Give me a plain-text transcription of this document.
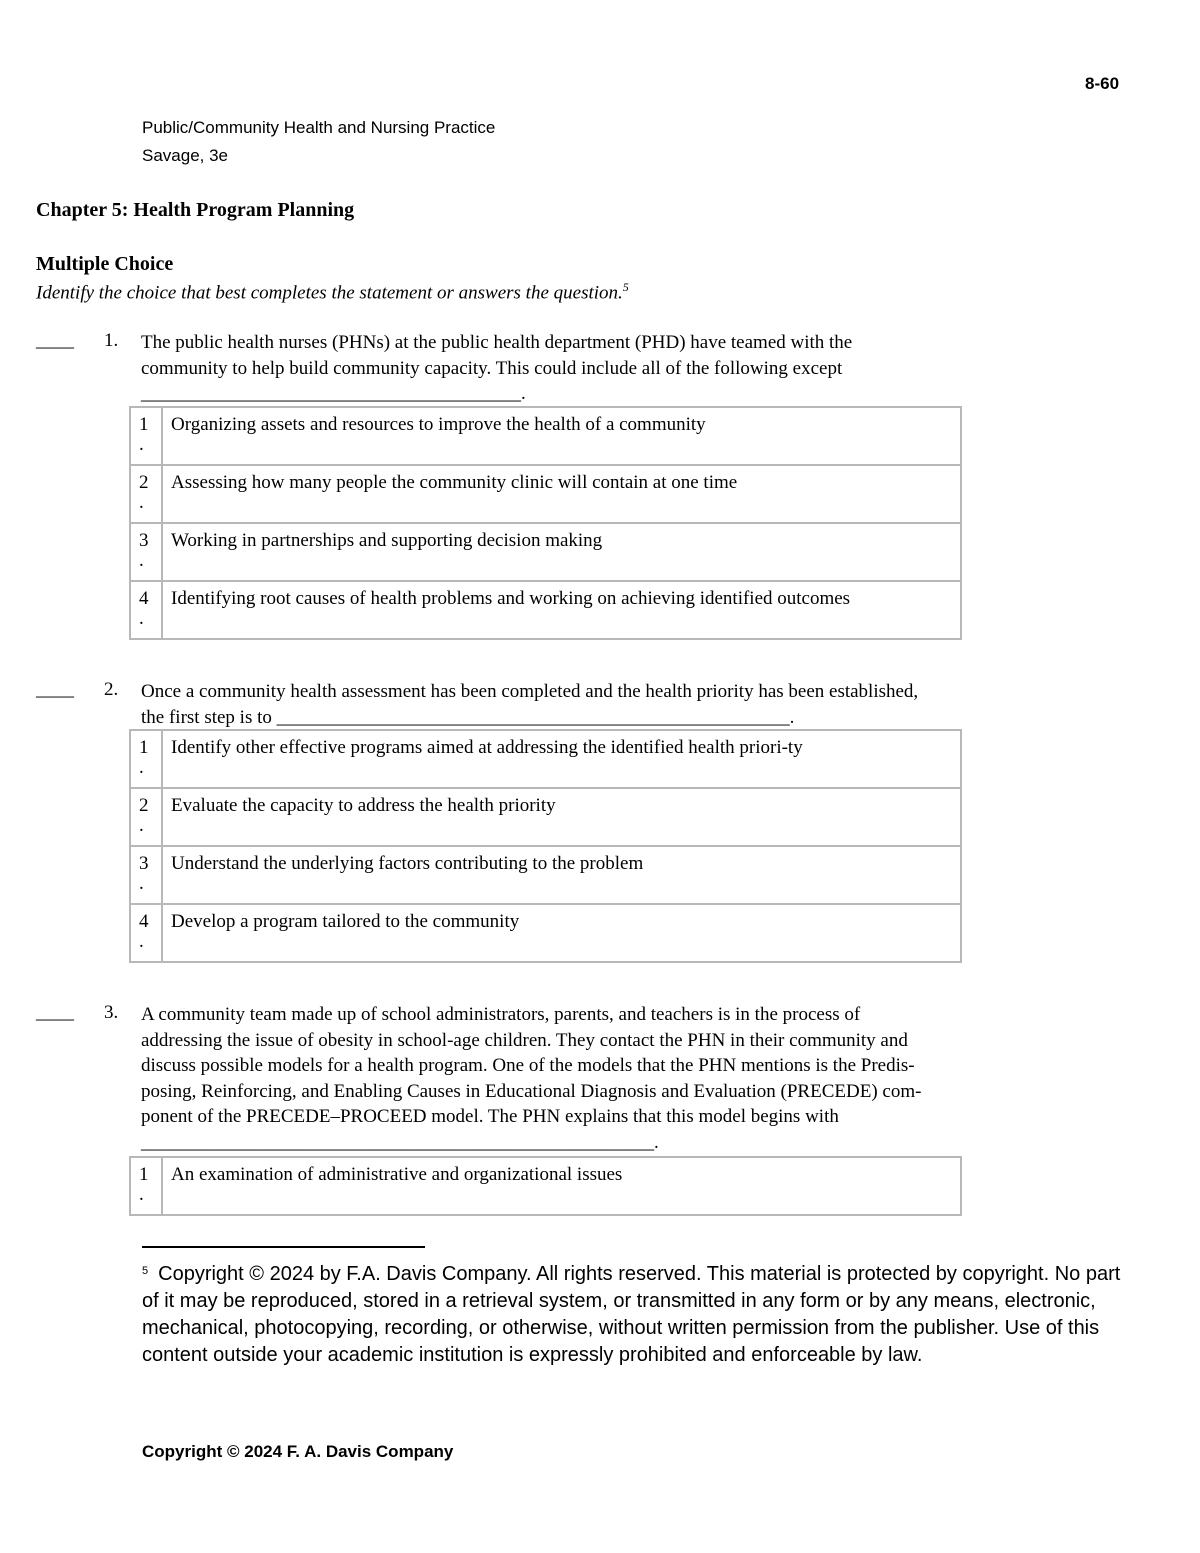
8-60
Public/Community Health and Nursing Practice
Savage, 3e
Chapter 5: Health Program Planning
Multiple Choice
Identify the choice that best completes the statement or answers the question.$^5$
____ 1. The public health nurses (PHNs) at the public health department (PHD) have teamed with the
community to help build community capacity. This could include all of the following except
________________________________________.
1
.	Organizing assets and resources to improve the health of a community

2
.	Assessing how many people the community clinic will contain at one time

3
.	Working in partnerships and supporting decision making

4
.	Identifying root causes of health problems and working on achieving identified outcomes
____ 2. Once a community health assessment has been completed and the health priority has been established,
the first step is to ______________________________________________________.
1
.	Identify other effective programs aimed at addressing the identified health priori-ty

2
.	Evaluate the capacity to address the health priority

3
.	Understand the underlying factors contributing to the problem

4
.	Develop a program tailored to the community
____ 3. A community team made up of school administrators, parents, and teachers is in the process of
addressing the issue of obesity in school-age children. They contact the PHN in their community and
discuss possible models for a health program. One of the models that the PHN mentions is the Predis-
posing, Reinforcing, and Enabling Causes in Educational Diagnosis and Evaluation (PRECEDE) com-
ponent of the PRECEDE–PROCEED model. The PHN explains that this model begins with
______________________________________________________.
1
.
	An examination of administrative and organizational issues
$^5$ Copyright © 2024 by F.A. Davis Company. All rights reserved. This material is protected by copyright. No part of it may be reproduced, stored in a retrieval system, or transmitted in any form or by any means, electronic, mechanical, photocopying, recording, or otherwise, without written permission from the publisher. Use of this content outside your academic institution is expressly prohibited and enforceable by law.
Copyright © 2024 F. A. Davis Company
